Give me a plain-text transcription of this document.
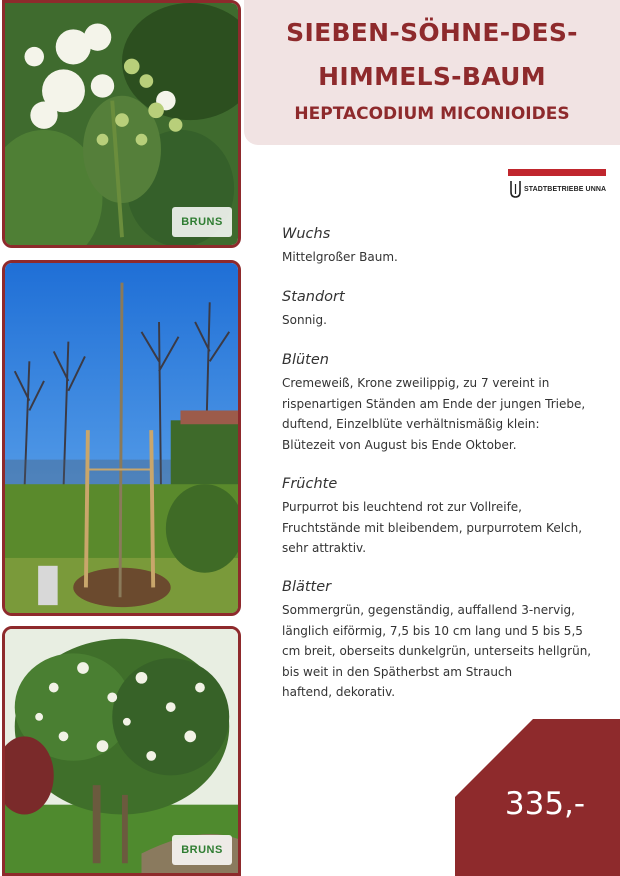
BRUNS
BRUNS
SIEBEN-SÖHNE-DES-
HIMMELS-BAUM
HEPTACODIUM MICONIOIDES
STADTBETRIEBE UNNA
Wuchs
Mittelgroßer Baum.
Standort
Sonnig.
Blüten
Cremeweiß, Krone zweilippig, zu 7 vereint in
rispenartigen Ständen am Ende der jungen Triebe,
duftend, Einzelblüte verhältnismäßig klein:
Blütezeit von August bis Ende Oktober.
Früchte
Purpurrot bis leuchtend rot zur Vollreife,
Fruchtstände mit bleibendem, purpurrotem Kelch,
sehr attraktiv.
Blätter
Sommergrün, gegenständig, auffallend 3-nervig,
länglich eiförmig, 7,5 bis 10 cm lang und 5 bis 5,5
cm breit, oberseits dunkelgrün, unterseits hellgrün,
bis weit in den Spätherbst am Strauch
haftend, dekorativ.
335,-
